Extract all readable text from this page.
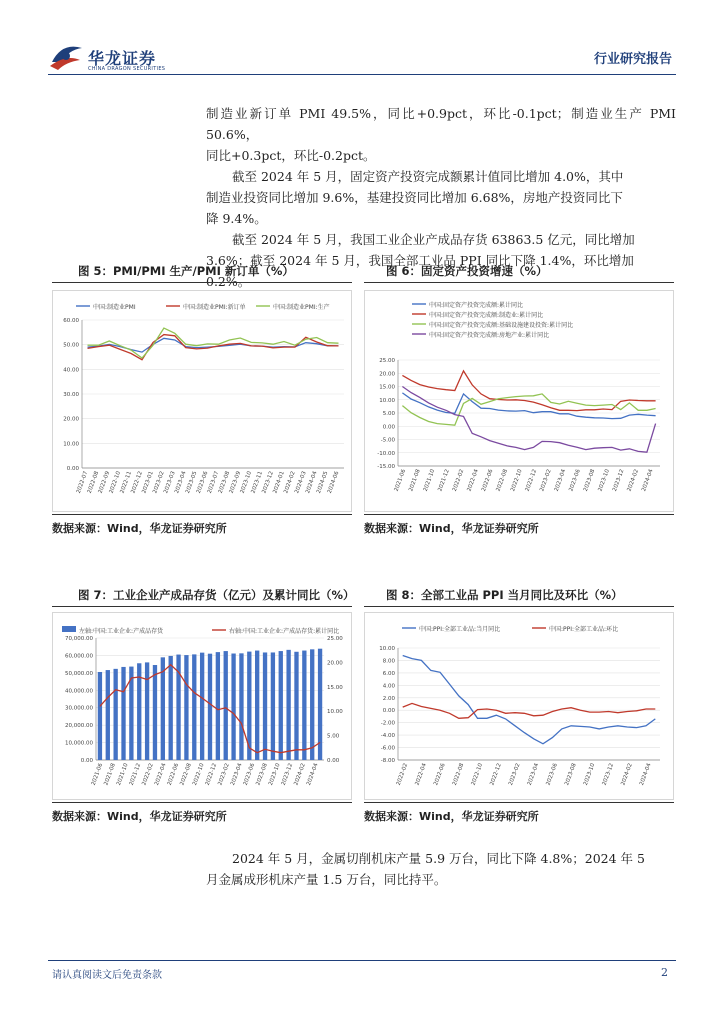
华龙证券
CHINA DRAGON SECURITIES
行业研究报告

制造业新订单 PMI 49.5%，同比+0.9pct，环比-0.1pct；制造业生产 PMI 50.6%，

同比+0.3pct，环比-0.2pct。

截至 2024 年 5 月，固定资产投资完成额累计值同比增加 4.0%，其中

制造业投资同比增加 9.6%，基建投资同比增加 6.68%，房地产投资同比下

降 9.4%。

截至 2024 年 5 月，我国工业企业产成品存货 63863.5 亿元，同比增加

3.6%；截至 2024 年 5 月，我国全部工业品 PPI 同比下降 1.4%，环比增加

0.2%。

图 5：PMI/PMI 生产/PMI 新订单（%）	图 6：固定资产投资增速（%）
中国:制造业PMI	中国:制造业PMI:新订单	中国:制造业PMI:生产
0.00
10.00
20.00
30.00
40.00
50.00
60.00
2022-07
2022-08
2022-09
2022-10
2022-11
2022-12
2023-01
2023-02
2023-03
2023-04
2023-05
2023-06
2023-07
2023-08
2023-09
2023-10
2023-11
2023-12
2024-01
2024-02
2024-03
2024-04
2024-05
2024-06
中国:固定资产投资完成额:累计同比
中国:固定资产投资完成额:制造业:累计同比
中国:固定资产投资完成额:基础设施建设投资:累计同比
中国:固定资产投资完成额:房地产业:累计同比
-15.00
-10.00
-5.00
0.00
5.00
10.00
15.00
20.00
25.00
2021-06 2021-08 2021-10 2021-12 2022-02 2022-04 2022-06 2022-08 2022-10 2022-12 2023-02 2023-04 2023-06 2023-08 2023-10 2023-12 2024-02 2024-04
数据来源：Wind，华龙证券研究所	数据来源：Wind，华龙证券研究所
图 7：工业企业产成品存货（亿元）及累计同比（%）	图 8：全部工业品 PPI 当月同比及环比（%）
左轴:中国:工业企业:产成品存货	右轴:中国:工业企业:产成品存货:累计同比
0.00
10,000.00
20,000.00
30,000.00
40,000.00
50,000.00
60,000.00
70,000.00
0.00
5.00
10.00
15.00
20.00
25.00
2021-06 2021-08 2021-10 2021-12 2022-02 2022-04 2022-06 2022-08 2022-10 2022-12 2023-02 2023-04 2023-06 2023-08 2023-10 2023-12 2024-02 2024-04
中国:PPI:全部工业品:当月同比	中国:PPI:全部工业品:环比
-8.00
-6.00
-4.00
-2.00
0.00
2.00
4.00
6.00
8.00
10.00
2022-02 2022-04 2022-06 2022-08 2022-10 2022-12 2023-02 2023-04 2023-06 2023-08 2023-10 2023-12 2024-02 2024-04
数据来源：Wind，华龙证券研究所	数据来源：Wind，华龙证券研究所

2024 年 5 月，金属切削机床产量 5.9 万台，同比下降 4.8%；2024 年 5

月金属成形机床产量 1.5 万台，同比持平。

请认真阅读文后免责条款	2
